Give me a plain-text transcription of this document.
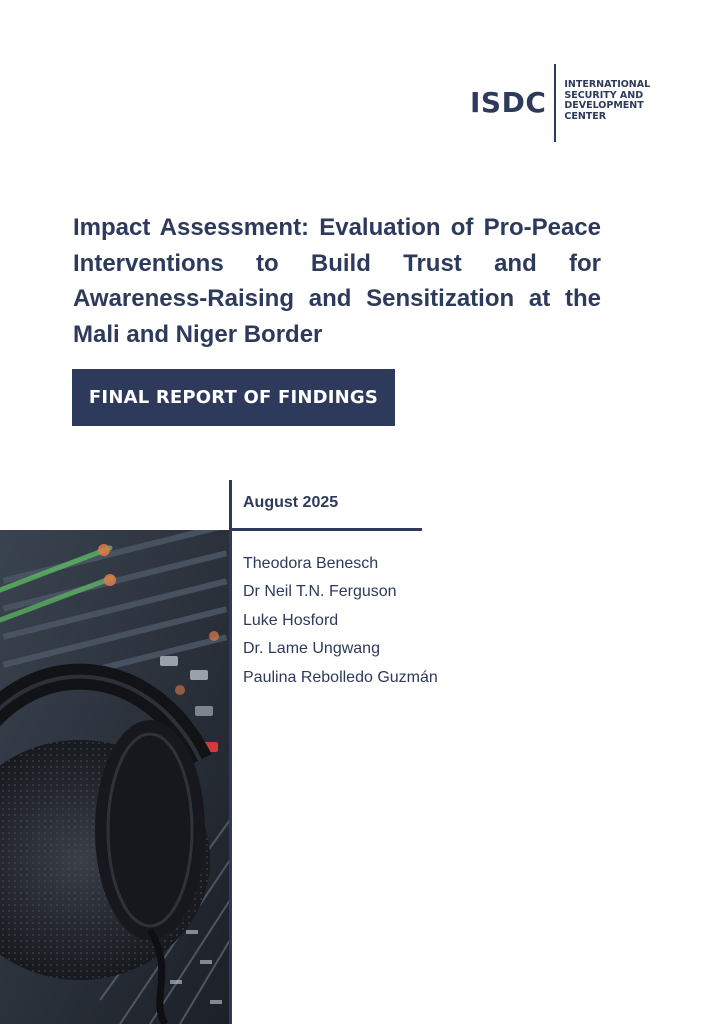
ISDC
INTERNATIONAL SECURITY AND DEVELOPMENT CENTER
Impact Assessment: Evaluation of Pro-Peace Interventions to Build Trust and for Awareness-Raising and Sensitization at the Mali and Niger Border
FINAL REPORT OF FINDINGS
August 2025
Theodora Benesch
Dr Neil T.N. Ferguson
Luke Hosford
Dr. Lame Ungwang
Paulina Rebolledo Guzmán
